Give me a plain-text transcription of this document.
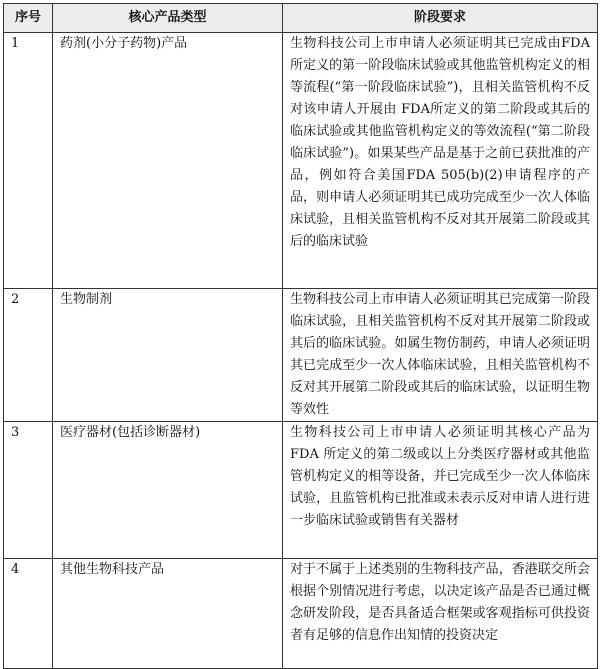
序号	核心产品类型	阶段要求
1	药剂(小分子药物)产品	生物科技公司上市申请人必须证明其已完成由FDA 所定义的第一阶段临床试验或其他监管机构定义的相等流程(“第一阶段临床试验”)，且相关监管机构不反对该申请人开展由 FDA所定义的第二阶段或其后的临床试验或其他监管机构定义的等效流程(“第二阶段临床试验”)。如果某些产品是基于之前已获批准的产品，例如符合美国FDA 505(b)(2)申请程序的产品，则申请人必须证明其已成功完成至少一次人体临床试验，且相关监管机构不反对其开展第二阶段或其后的临床试验
2	生物制剂	生物科技公司上市申请人必须证明其已完成第一阶段临床试验，且相关监管机构不反对其开展第二阶段或其后的临床试验。如属生物仿制药，申请人必须证明其已完成至少一次人体临床试验，且相关监管机构不反对其开展第二阶段或其后的临床试验，以证明生物等效性
3	医疗器材(包括诊断器材)	生物科技公司上市申请人必须证明其核心产品为 FDA 所定义的第二级或以上分类医疗器材或其他监管机构定义的相等设备，并已完成至少一次人体临床试验，且监管机构已批准或未表示反对申请人进行进一步临床试验或销售有关器材
4	其他生物科技产品	对于不属于上述类别的生物科技产品，香港联交所会根据个别情况进行考虑，以决定该产品是否已通过概念研发阶段，是否具备适合框架或客观指标可供投资者有足够的信息作出知情的投资决定
